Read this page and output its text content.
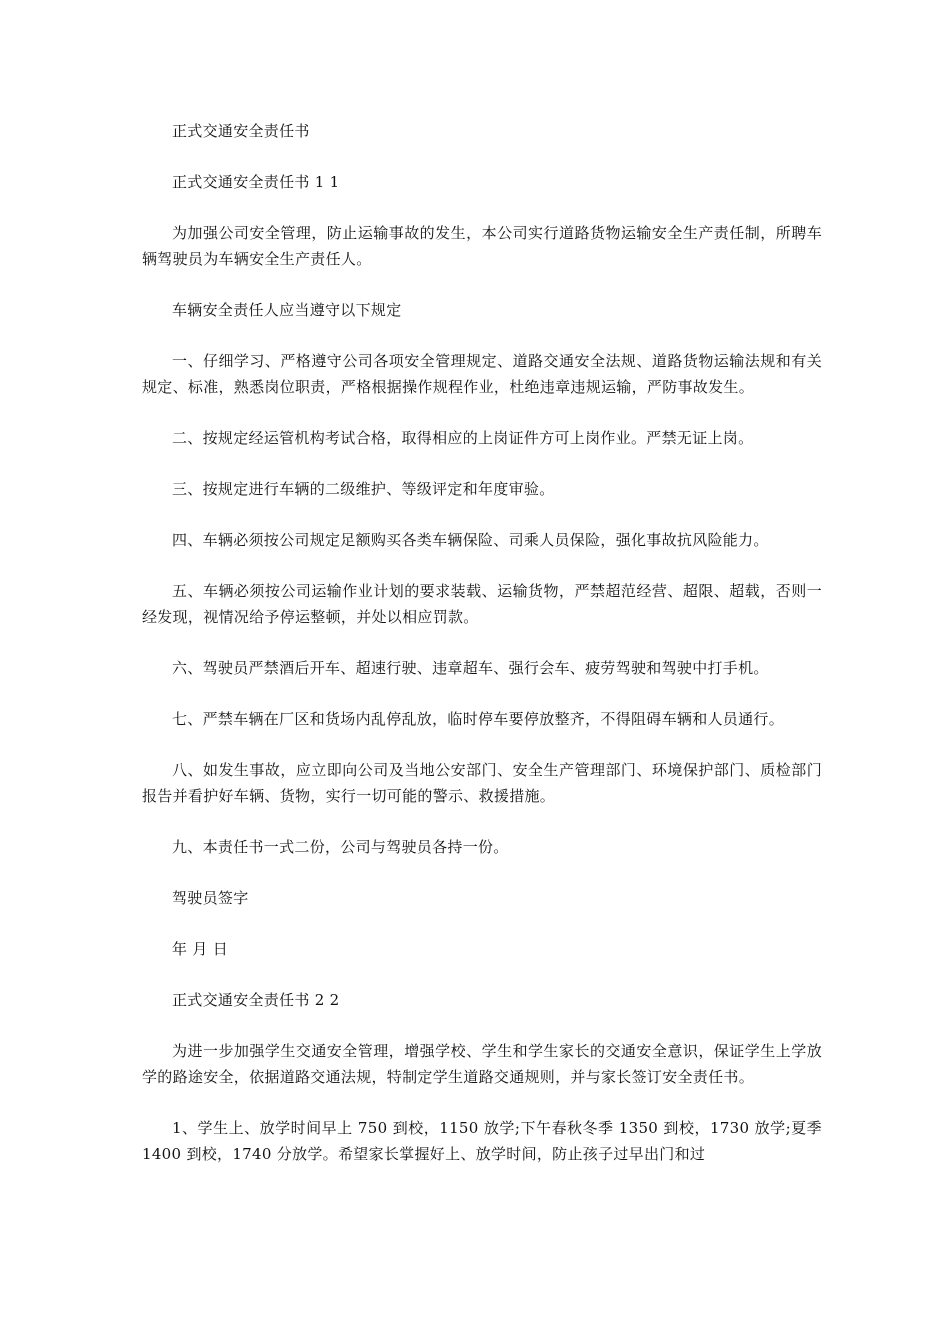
正式交通安全责任书

正式交通安全责任书 1 1

为加强公司安全管理，防止运输事故的发生，本公司实行道路货物运输安全生产责任制，所聘车辆驾驶员为车辆安全生产责任人。

车辆安全责任人应当遵守以下规定

一、仔细学习、严格遵守公司各项安全管理规定、道路交通安全法规、道路货物运输法规和有关规定、标准，熟悉岗位职责，严格根据操作规程作业，杜绝违章违规运输，严防事故发生。

二、按规定经运管机构考试合格，取得相应的上岗证件方可上岗作业。严禁无证上岗。

三、按规定进行车辆的二级维护、等级评定和年度审验。

四、车辆必须按公司规定足额购买各类车辆保险、司乘人员保险，强化事故抗风险能力。

五、车辆必须按公司运输作业计划的要求装载、运输货物，严禁超范经营、超限、超载，否则一经发现，视情况给予停运整顿，并处以相应罚款。

六、驾驶员严禁酒后开车、超速行驶、违章超车、强行会车、疲劳驾驶和驾驶中打手机。

七、严禁车辆在厂区和货场内乱停乱放，临时停车要停放整齐，不得阻碍车辆和人员通行。

八、如发生事故，应立即向公司及当地公安部门、安全生产管理部门、环境保护部门、质检部门报告并看护好车辆、货物，实行一切可能的警示、救援措施。

九、本责任书一式二份，公司与驾驶员各持一份。

驾驶员签字

年 月 日

正式交通安全责任书 2 2

为进一步加强学生交通安全管理，增强学校、学生和学生家长的交通安全意识，保证学生上学放学的路途安全，依据道路交通法规，特制定学生道路交通规则，并与家长签订安全责任书。

1、学生上、放学时间早上 750 到校，1150 放学;下午春秋冬季 1350 到校，1730 放学;夏季 1400 到校，1740 分放学。希望家长掌握好上、放学时间，防止孩子过早出门和过
